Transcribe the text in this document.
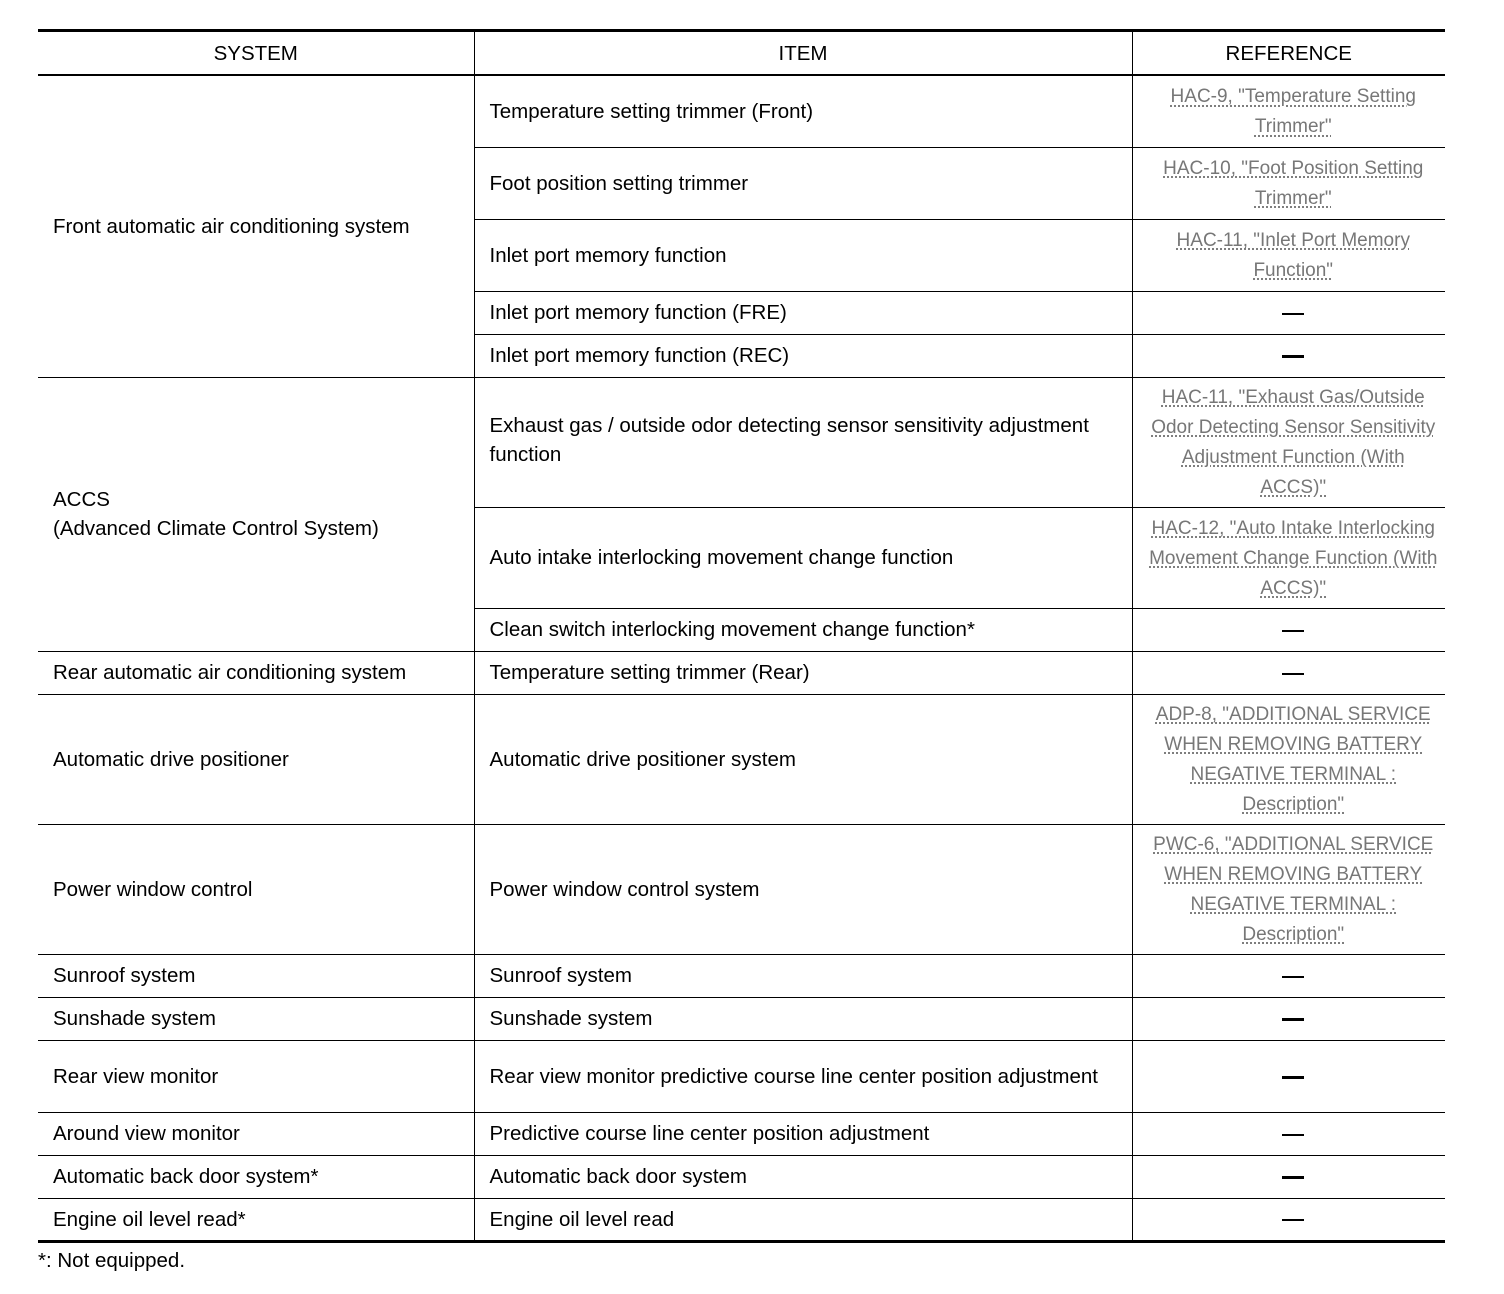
SYSTEM	ITEM	REFERENCE
Front automatic air conditioning system	Temperature setting trimmer (Front)	HAC-9, "Temperature Setting Trimmer"
	Foot position setting trimmer	HAC-10, "Foot Position Setting Trimmer"
	Inlet port memory function	HAC-11, "Inlet Port Memory Function"
	Inlet port memory function (FRE)	
	Inlet port memory function (REC)	

ACCS
(Advanced Climate Control System)	Exhaust gas / outside odor detecting sensor sensitivity adjustment function	HAC-11, "Exhaust Gas/Outside Odor Detecting Sensor Sensitivity Adjustment Function (With ACCS)"
	Auto intake interlocking movement change function	HAC-12, "Auto Intake Interlocking Movement Change Function (With ACCS)"
	Clean switch interlocking movement change function*	
Rear automatic air conditioning system	Temperature setting trimmer (Rear)	
Automatic drive positioner	Automatic drive positioner system	ADP-8, "ADDITIONAL SERVICE WHEN REMOVING BATTERY NEGATIVE TERMINAL : Description"
Power window control	Power window control system	PWC-6, "ADDITIONAL SERVICE WHEN REMOVING BATTERY NEGATIVE TERMINAL : Description"
Sunroof system	Sunroof system	
Sunshade system	Sunshade system	
Rear view monitor	Rear view monitor predictive course line center position adjustment	
Around view monitor	Predictive course line center position adjustment	
Automatic back door system*	Automatic back door system	
Engine oil level read*	Engine oil level read	
*: Not equipped.
